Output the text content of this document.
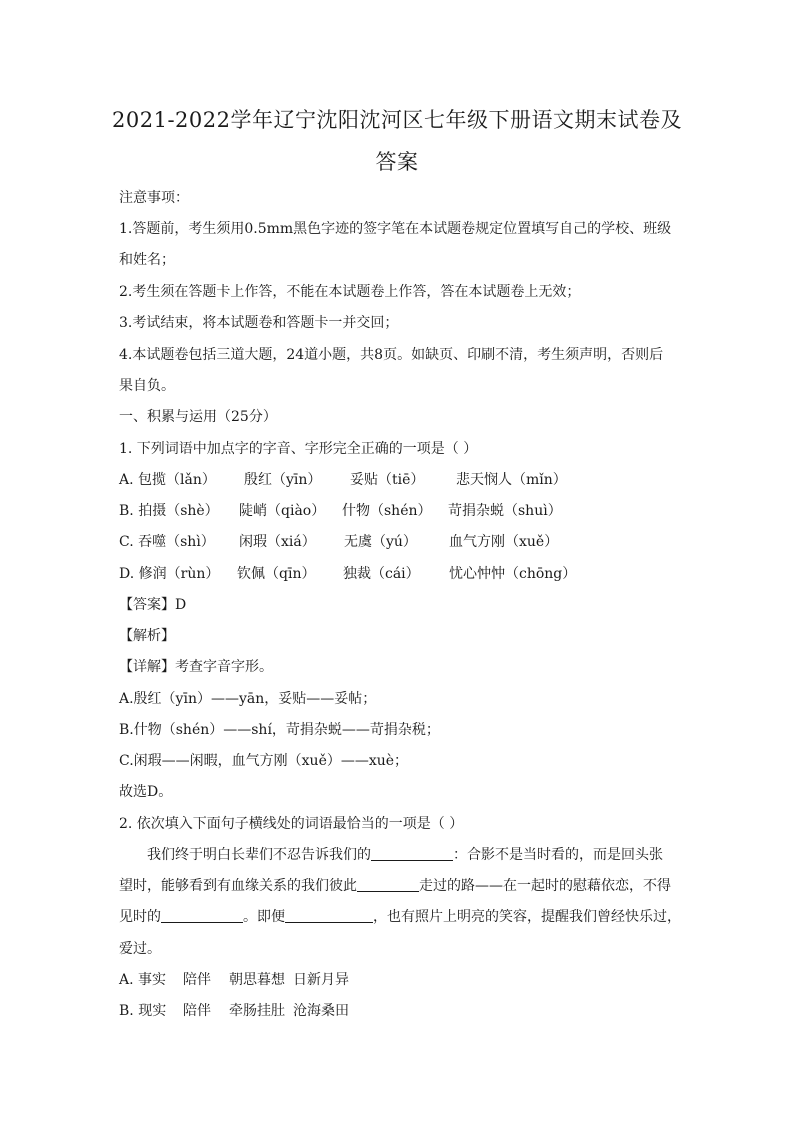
2021-2022学年辽宁沈阳沈河区七年级下册语文期末试卷及
答案
注意事项：
1.答题前，考生须用0.5mm黑色字迹的签字笔在本试题卷规定位置填写自己的学校、班级
和姓名；
2.考生须在答题卡上作答，不能在本试题卷上作答，答在本试题卷上无效；
3.考试结束，将本试题卷和答题卡一并交回；
4.本试题卷包括三道大题，24道小题，共8页。如缺页、印刷不清，考生须声明，否则后
果自负。
一、积累与运用（25分）
1. 下列词语中加点字的字音、字形完全正确的一项是（ ）
A. 包揽（lǎn） 殷红（yīn） 妥贴（tiē） 悲天悯人（mǐn）
B. 拍摄（shè） 陡峭（qiào） 什物（shén） 苛捐杂蜕（shuì）
C. 吞噬（shì） 闲瑕（xiá） 无虞（yú） 血气方刚（xuě）
D. 修润（rùn） 钦佩（qīn） 独裁（cái） 忧心忡忡（chōng）
【答案】D
【解析】
【详解】考查字音字形。
A.殷红（yīn）——yān，妥贴——妥帖；
B.什物（shén）——shí，苛捐杂蜕——苛捐杂税；
C.闲瑕——闲暇，血气方刚（xuě）——xuè；
故选D。
2. 依次填入下面句子横线处的词语最恰当的一项是（ ）
我们终于明白长辈们不忍告诉我们的	：合影不是当时看的，而是回头张
望时，能够看到有血缘关系的我们彼此	走过的路——在一起时的慰藉依恋，不得
见时的	。即便	，也有照片上明亮的笑容，提醒我们曾经快乐过，
爱过。
A. 事实 陪伴 朝思暮想 日新月异
B. 现实 陪伴 牵肠挂肚 沧海桑田
